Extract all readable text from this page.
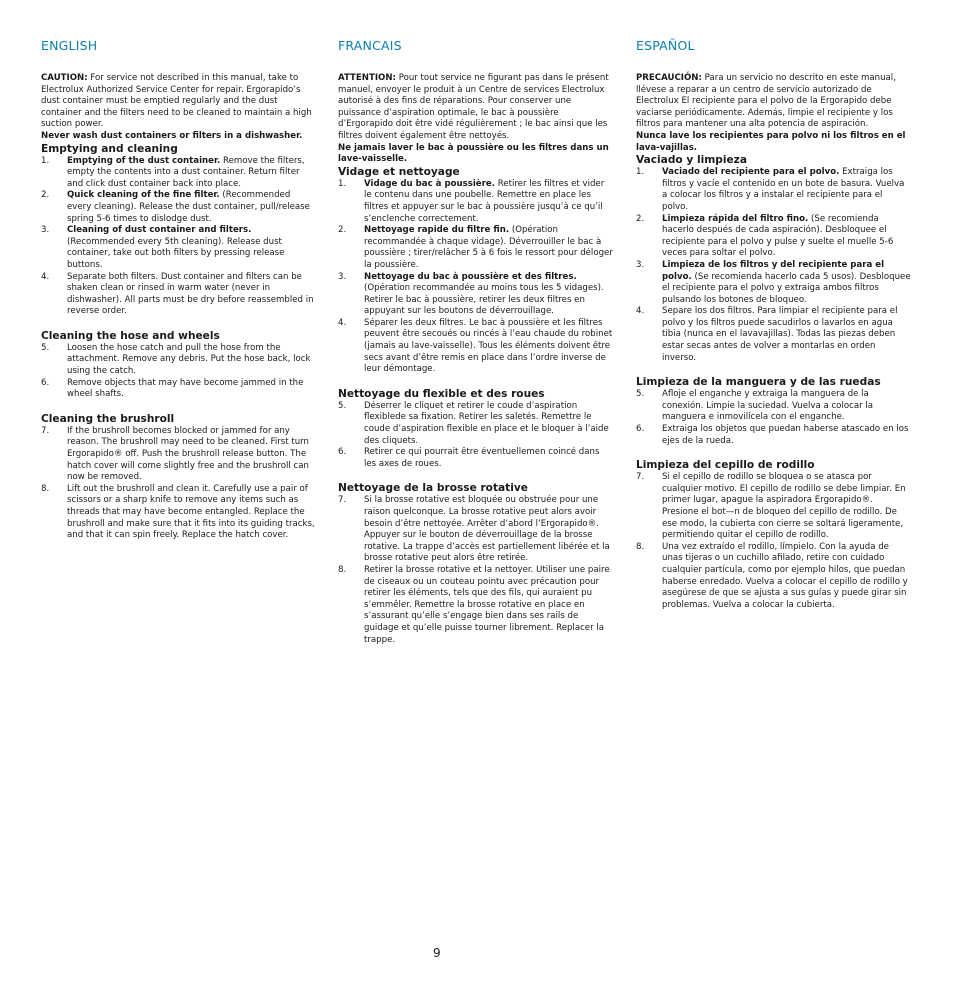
ENGLISH

CAUTION: For service not described in this manual, take to Electrolux Authorized Service Center for repair. Ergorapido’s dust container must be emptied regularly and the dust container and the filters need to be cleaned to maintain a high suction power.

Never wash dust containers or filters in a dishwasher.

Emptying and cleaning

1. Emptying of the dust container. Remove the filters, empty the contents into a dust container. Return filter and click dust container back into place.
2. Quick cleaning of the fine filter. (Recommended every cleaning). Release the dust container, pull/release spring 5-6 times to dislodge dust.
3. Cleaning of dust container and filters. (Recommended every 5th cleaning). Release dust container, take out both filters by pressing release buttons.
4. Separate both filters. Dust container and filters can be shaken clean or rinsed in warm water (never in dishwasher). All parts must be dry before reassembled in reverse order.

Cleaning the hose and wheels

5. Loosen the hose catch and pull the hose from the attachment. Remove any debris. Put the hose back, lock using the catch.
6. Remove objects that may have become jammed in the wheel shafts.

Cleaning the brushroll

7. If the brushroll becomes blocked or jammed for any reason. The brushroll may need to be cleaned. First turn Ergorapido® off. Push the brushroll release button. The hatch cover will come slightly free and the brushroll can now be removed.
8. Lift out the brushroll and clean it. Carefully use a pair of scissors or a sharp knife to remove any items such as threads that may have become entangled. Replace the brushroll and make sure that it fits into its guiding tracks, and that it can spin freely. Replace the hatch cover.
FRANCAIS

ATTENTION: Pour tout service ne figurant pas dans le présent manuel, envoyer le produit à un Centre de services Electrolux autorisé à des fins de réparations. Pour conserver une puissance d’aspiration optimale, le bac à poussière d’Ergorapido doit être vidé régulièrement ; le bac ainsi que les filtres doivent également être nettoyés.

Ne jamais laver le bac à poussière ou les filtres dans un lave-vaisselle.

Vidage et nettoyage

1. Vidage du bac à poussière. Retirer les filtres et vider le contenu dans une poubelle. Remettre en place les filtres et appuyer sur le bac à poussière jusqu’à ce qu’il s’enclenche correctement.
2. Nettoyage rapide du filtre fin. (Opération recommandée à chaque vidage). Déverrouiller le bac à poussière ; tirer/relâcher 5 à 6 fois le ressort pour déloger la poussière.
3. Nettoyage du bac à poussière et des filtres. (Opération recommandée au moins tous les 5 vidages). Retirer le bac à poussière, retirer les deux filtres en appuyant sur les boutons de déverrouillage.
4. Séparer les deux filtres. Le bac à poussière et les filtres peuvent être secoués ou rincés à l’eau chaude du robinet (jamais au lave-vaisselle). Tous les éléments doivent être secs avant d’être remis en place dans l’ordre inverse de leur démontage.

Nettoyage du flexible et des roues

5. Déserrer le cliquet et retirer le coude d’aspiration flexiblede sa fixation. Retirer les saletés. Remettre le coude d’aspiration flexible en place et le bloquer à l’aide des cliquets.
6. Retirer ce qui pourrait être éventuellemen coincé dans les axes de roues.

Nettoyage de la brosse rotative

7. Si la brosse rotative est bloquée ou obstruée pour une raison quelconque. La brosse rotative peut alors avoir besoin d’être nettoyée. Arrêter d’abord l’Ergorapido®. Appuyer sur le bouton de déverrouillage de la brosse rotative. La trappe d’accès est partiellement libérée et la brosse rotative peut alors être retirée.
8. Retirer la brosse rotative et la nettoyer. Utiliser une paire de ciseaux ou un couteau pointu avec précaution pour retirer les éléments, tels que des fils, qui auraient pu s’emmêler. Remettre la brosse rotative en place en s’assurant qu’elle s’engage bien dans ses rails de guidage et qu’elle puisse tourner librement. Replacer la trappe.
ESPAÑOL

PRECAUCIÓN: Para un servicio no descrito en este manual, llévese a reparar a un centro de servicio autorizado de Electrolux El recipiente para el polvo de la Ergorapido debe vaciarse periódicamente. Además, limpie el recipiente y los filtros para mantener una alta potencia de aspiración.

Nunca lave los recipientes para polvo ni los filtros en el lava-vajillas.

Vaciado y limpieza

1. Vaciado del recipiente para el polvo. Extraiga los filtros y vacíe el contenido en un bote de basura. Vuelva a colocar los filtros y a instalar el recipiente para el polvo.
2. Limpieza rápida del filtro fino. (Se recomienda hacerlo después de cada aspiración). Desbloquee el recipiente para el polvo y pulse y suelte el muelle 5-6 veces para soltar el polvo.
3. Limpieza de los filtros y del recipiente para el polvo. (Se recomienda hacerlo cada 5 usos). Desbloquee el recipiente para el polvo y extraiga ambos filtros pulsando los botones de bloqueo.
4. Separe los dos filtros. Para limpiar el recipiente para el polvo y los filtros puede sacudirlos o lavarlos en agua tibia (nunca en el lavavajillas). Todas las piezas deben estar secas antes de volver a montarlas en orden inverso.

Limpieza de la manguera y de las ruedas

5. Afloje el enganche y extraiga la manguera de la conexión. Limpie la suciedad. Vuelva a colocar la manguera e inmovilícela con el enganche.
6. Extraiga los objetos que puedan haberse atascado en los ejes de la rueda.

Limpieza del cepillo de rodillo

7. Si el cepillo de rodillo se bloquea o se atasca por cualquier motivo. El cepillo de rodillo se debe limpiar. En primer lugar, apague la aspiradora Ergorapido®. Presione el bot—n de bloqueo del cepillo de rodillo. De ese modo, la cubierta con cierre se soltará ligeramente, permitiendo quitar el cepillo de rodillo.
8. Una vez extraído el rodillo, límpielo. Con la ayuda de unas tijeras o un cuchillo afilado, retire con cuidado cualquier partícula, como por ejemplo hilos, que puedan haberse enredado. Vuelva a colocar el cepillo de rodillo y asegúrese de que se ajusta a sus guías y puede girar sin problemas. Vuelva a colocar la cubierta.
9
